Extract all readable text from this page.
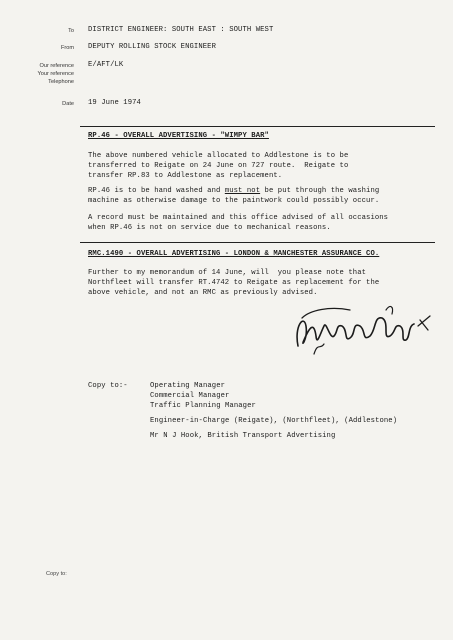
To DISTRICT ENGINEER: SOUTH EAST : SOUTH WEST
From DEPUTY ROLLING STOCK ENGINEER
Our reference E/AFT/LK
Your reference
Telephone
Date 19 June 1974
RP.46 - OVERALL ADVERTISING - "WIMPY BAR"
The above numbered vehicle allocated to Addlestone is to be
transferred to Reigate on 24 June on 727 route.  Reigate to
transfer RP.83 to Addlestone as replacement.
RP.46 is to be hand washed and must not be put through the washing
machine as otherwise damage to the paintwork could possibly occur.
A record must be maintained and this office advised of all occasions
when RP.46 is not on service due to mechanical reasons.
RMC.1490 - OVERALL ADVERTISING - LONDON & MANCHESTER ASSURANCE CO.
Further to my memorandum of 14 June, will  you please note that
Northfleet will transfer RT.4742 to Reigate as replacement for the
above vehicle, and not an RMC as previously advised.
Copy to:-	Operating Manager
Commercial Manager
Traffic Planning Manager
Engineer-in-Charge (Reigate), (Northfleet), (Addlestone)
Mr N J Hook, British Transport Advertising
Copy to:
